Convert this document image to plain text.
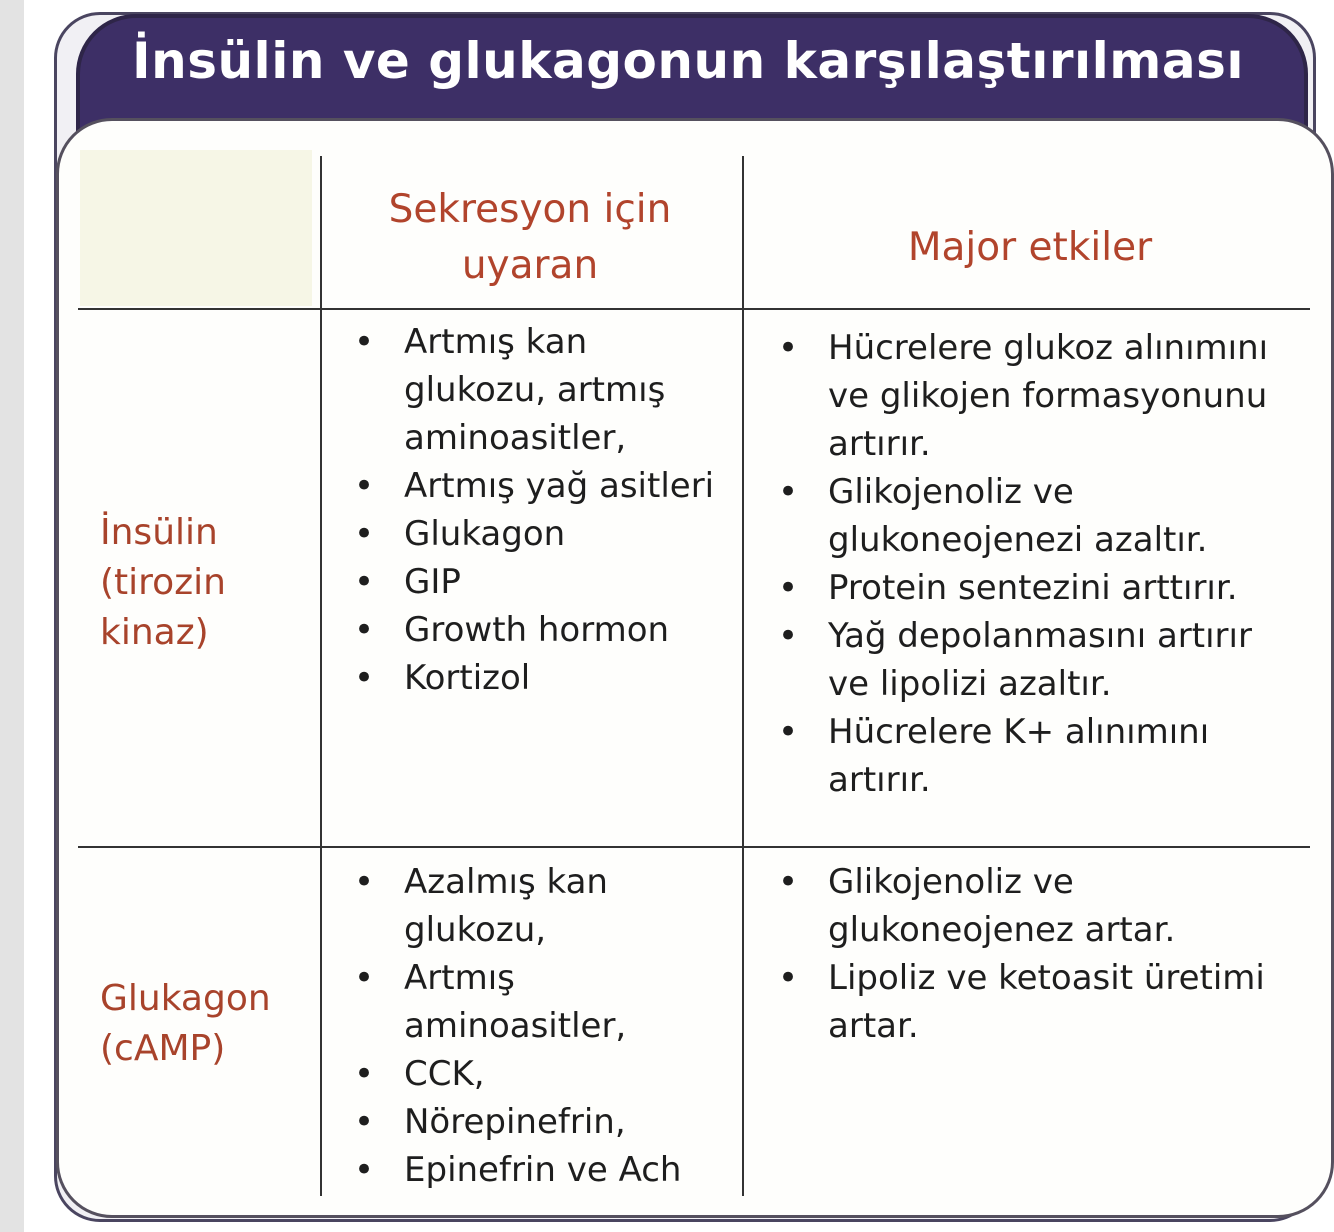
İnsülin ve glukagonun karşılaştırılması
Sekresyon için uyaran	Major etkiler
İnsülin
(tirozin kinaz)
• Artmış kan glukozu, artmış aminoasitler,
• Artmış yağ asitleri
• Glukagon
• GIP
• Growth hormon
• Kortizol
• Hücrelere glukoz alınımını ve glikojen formasyonunu artırır.
• Glikojenoliz ve glukoneojenezi azaltır.
• Protein sentezini arttırır.
• Yağ depolanmasını artırır ve lipolizi azaltır.
• Hücrelere K+ alınımını artırır.
Glukagon
(cAMP)
• Azalmış kan glukozu,
• Artmış aminoasitler,
• CCK,
• Nörepinefrin,
• Epinefrin ve Ach
• Glikojenoliz ve glukoneojenez artar.
• Lipoliz ve ketoasit üretimi artar.
